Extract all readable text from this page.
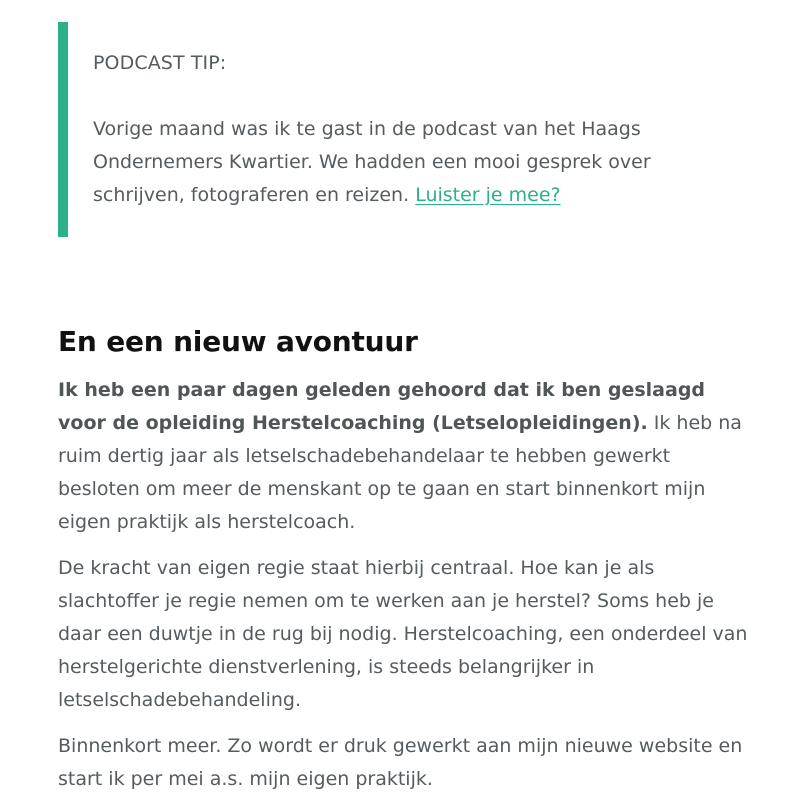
PODCAST TIP:

Vorige maand was ik te gast in de podcast van het Haags Ondernemers Kwartier. We hadden een mooi gesprek over schrijven, fotograferen en reizen. Luister je mee?

En een nieuw avontuur

Ik heb een paar dagen geleden gehoord dat ik ben geslaagd voor de opleiding Herstelcoaching (Letselopleidingen). Ik heb na ruim dertig jaar als letselschadebehandelaar te hebben gewerkt besloten om meer de menskant op te gaan en start binnenkort mijn eigen praktijk als herstelcoach.

De kracht van eigen regie staat hierbij centraal. Hoe kan je als slachtoffer je regie nemen om te werken aan je herstel? Soms heb je daar een duwtje in de rug bij nodig. Herstelcoaching, een onderdeel van herstelgerichte dienstverlening, is steeds belangrijker in letselschadebehandeling.

Binnenkort meer. Zo wordt er druk gewerkt aan mijn nieuwe website en start ik per mei a.s. mijn eigen praktijk.
